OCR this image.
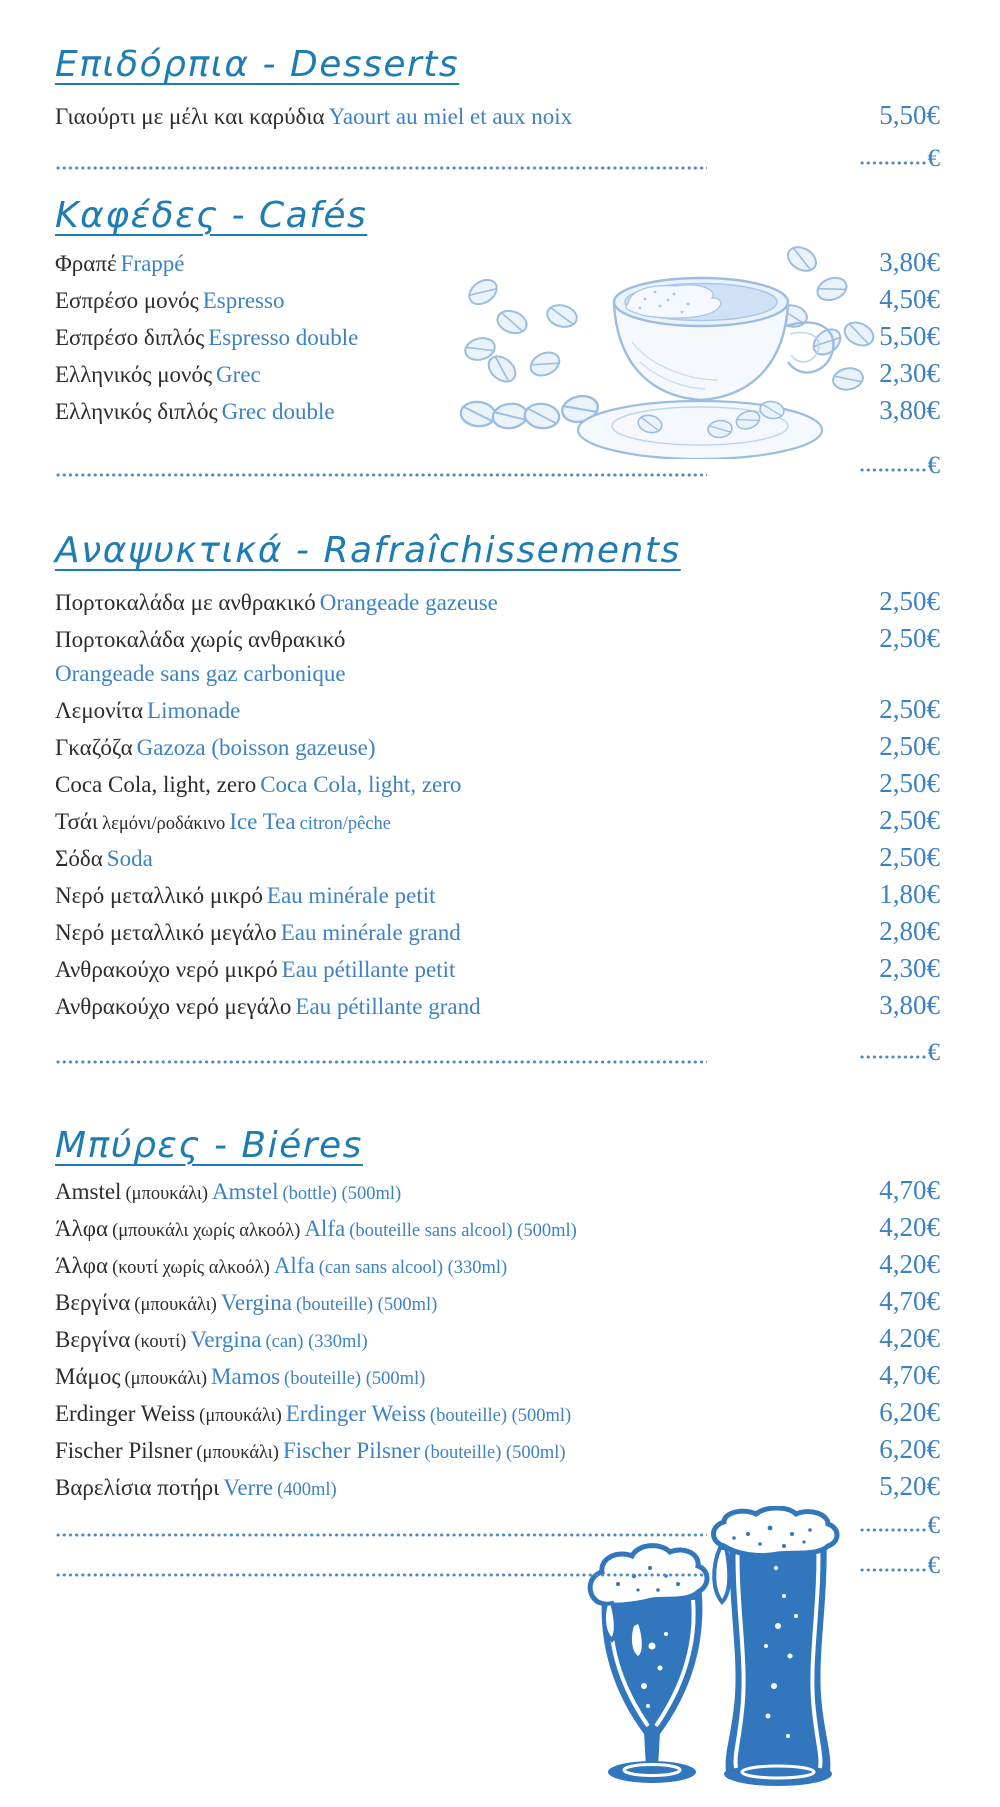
Επιδόρπια - Desserts
Γιαούρτι με μέλι και καρύδια Yaourt au miel et aux noix	5,50€
€
Καφέδες - Cafés
Φραπέ Frappé	3,80€
Εσπρέσο μονός Espresso	4,50€
Εσπρέσο διπλός Espresso double	5,50€
Ελληνικός μονός Grec	2,30€
Ελληνικός διπλός Grec double	3,80€
€
Αναψυκτικά - Rafraîchissements
Πορτοκαλάδα με ανθρακικό Orangeade gazeuse	2,50€
Πορτοκαλάδα χωρίς ανθρακικό
Orangeade sans gaz carbonique
2,50€
Λεμονίτα Limonade	2,50€
Γκαζόζα Gazoza (boisson gazeuse)	2,50€
Coca Cola, light, zero Coca Cola, light, zero	2,50€
Τσάι λεμόνι/ροδάκινο Ice Tea citron/pêche	2,50€
Σόδα Soda	2,50€
Νερό μεταλλικό μικρό Eau minérale petit	1,80€
Νερό μεταλλικό μεγάλο Eau minérale grand	2,80€
Ανθρακούχο νερό μικρό Eau pétillante petit	2,30€
Ανθρακούχο νερό μεγάλο Eau pétillante grand	3,80€
€
Μπύρες - Biéres
Amstel (μπουκάλι) Amstel (bottle) (500ml)	4,70€
Άλφα (μπουκάλι χωρίς αλκοόλ) Alfa (bouteille sans alcool) (500ml)	4,20€
Άλφα (κουτί χωρίς αλκοόλ) Alfa (can sans alcool) (330ml)	4,20€
Βεργίνα (μπουκάλι) Vergina (bouteille) (500ml)	4,70€
Βεργίνα (κουτί) Vergina (can) (330ml)	4,20€
Μάμος (μπουκάλι) Mamos (bouteille) (500ml)	4,70€
Erdinger Weiss (μπουκάλι) Erdinger Weiss (bouteille) (500ml)	6,20€
Fischer Pilsner (μπουκάλι) Fischer Pilsner (bouteille) (500ml)	6,20€
Βαρελίσια ποτήρι Verre (400ml)	5,20€
€
€
